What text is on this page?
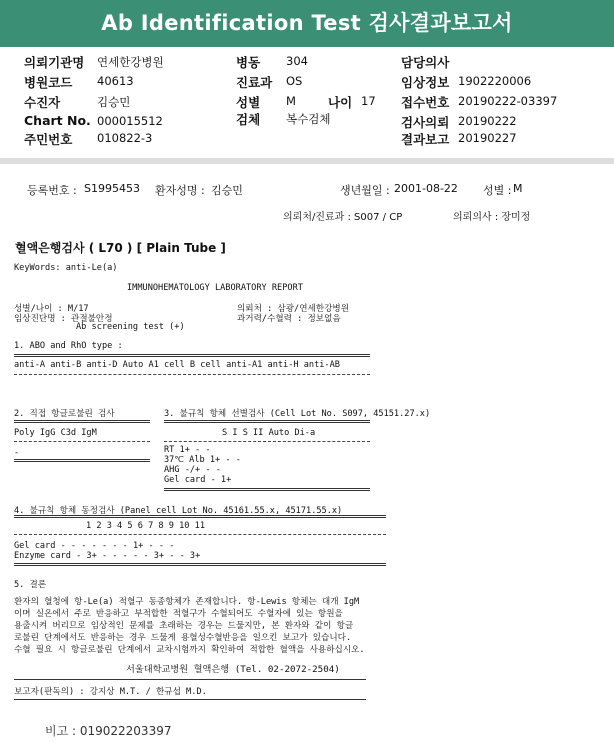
Ab Identification Test 검사결과보고서
의뢰기관명 연세한강병원	병동 304	담당의사
병원코드 40613	진료과 OS	임상정보 1902220006
수진자	김승민	성별 M	나이 17 접수번호 20190222-03397
Chart No. 000015512	검체 복수검체	검사의뢰 20190222
주민번호 010822-3	결과보고 20190227
등록번호 : S1995453 환자성명 : 김승민	생년월일 : 2001-08-22 성별 : M
의뢰처/진료과 : S007 / CP	의뢰의사 : 장미정
혈액은행검사 ( L70 ) [ Plain Tube ]
KeyWords: anti-Le(a)
IMMUNOHEMATOLOGY LABORATORY REPORT
성별/나이 : M/17
임상진단명 : 관절불안정
Ab screening test (+)
의뢰처 : 삼광/연세한강병원
과거력/수혈력 : 정보없음
1. ABO and RhO type :
anti-A anti-B anti-D Auto A1 cell B cell anti-A1 anti-H anti-AB
2. 직접 항글로불린 검사	3. 불규칙 항체 선별검사 (Cell Lot No. S097, 45151.27.x)
Poly IgG C3d IgM	S I S II Auto Di-a
-	RT 1+ - -
37℃ Alb 1+ - -
AHG -/+ - -
Gel card - 1+
4. 불규칙 항체 동정검사 (Panel cell Lot No. 45161.55.x, 45171.55.x)
1 2 3 4 5 6 7 8 9 10 11
Gel card - - - - - - - 1+ - - -
Enzyme card - 3+ - - - - - 3+ - - 3+
5. 결론
환자의 혈청에 항-Le(a) 적혈구 동종항체가 존재합니다. 항-Lewis 항체는 대개 IgM
이며 실온에서 주로 반응하고 부적합한 적혈구가 수혈되어도 수혈자에 있는 항원을
용출시켜 버리므로 임상적인 문제를 초래하는 경우는 드물지만, 본 환자와 같이 항글
로불린 단계에서도 반응하는 경우 드물게 용혈성수혈반응을 일으킨 보고가 있습니다.
수혈 필요 시 항글로불린 단계에서 교차시험까지 확인하여 적합한 혈액을 사용하십시오.
서울대학교병원 혈액은행 (Tel. 02-2072-2504)
보고자(판독의) : 강지상 M.T. / 한규섭 M.D.
비고 : 019022203397
